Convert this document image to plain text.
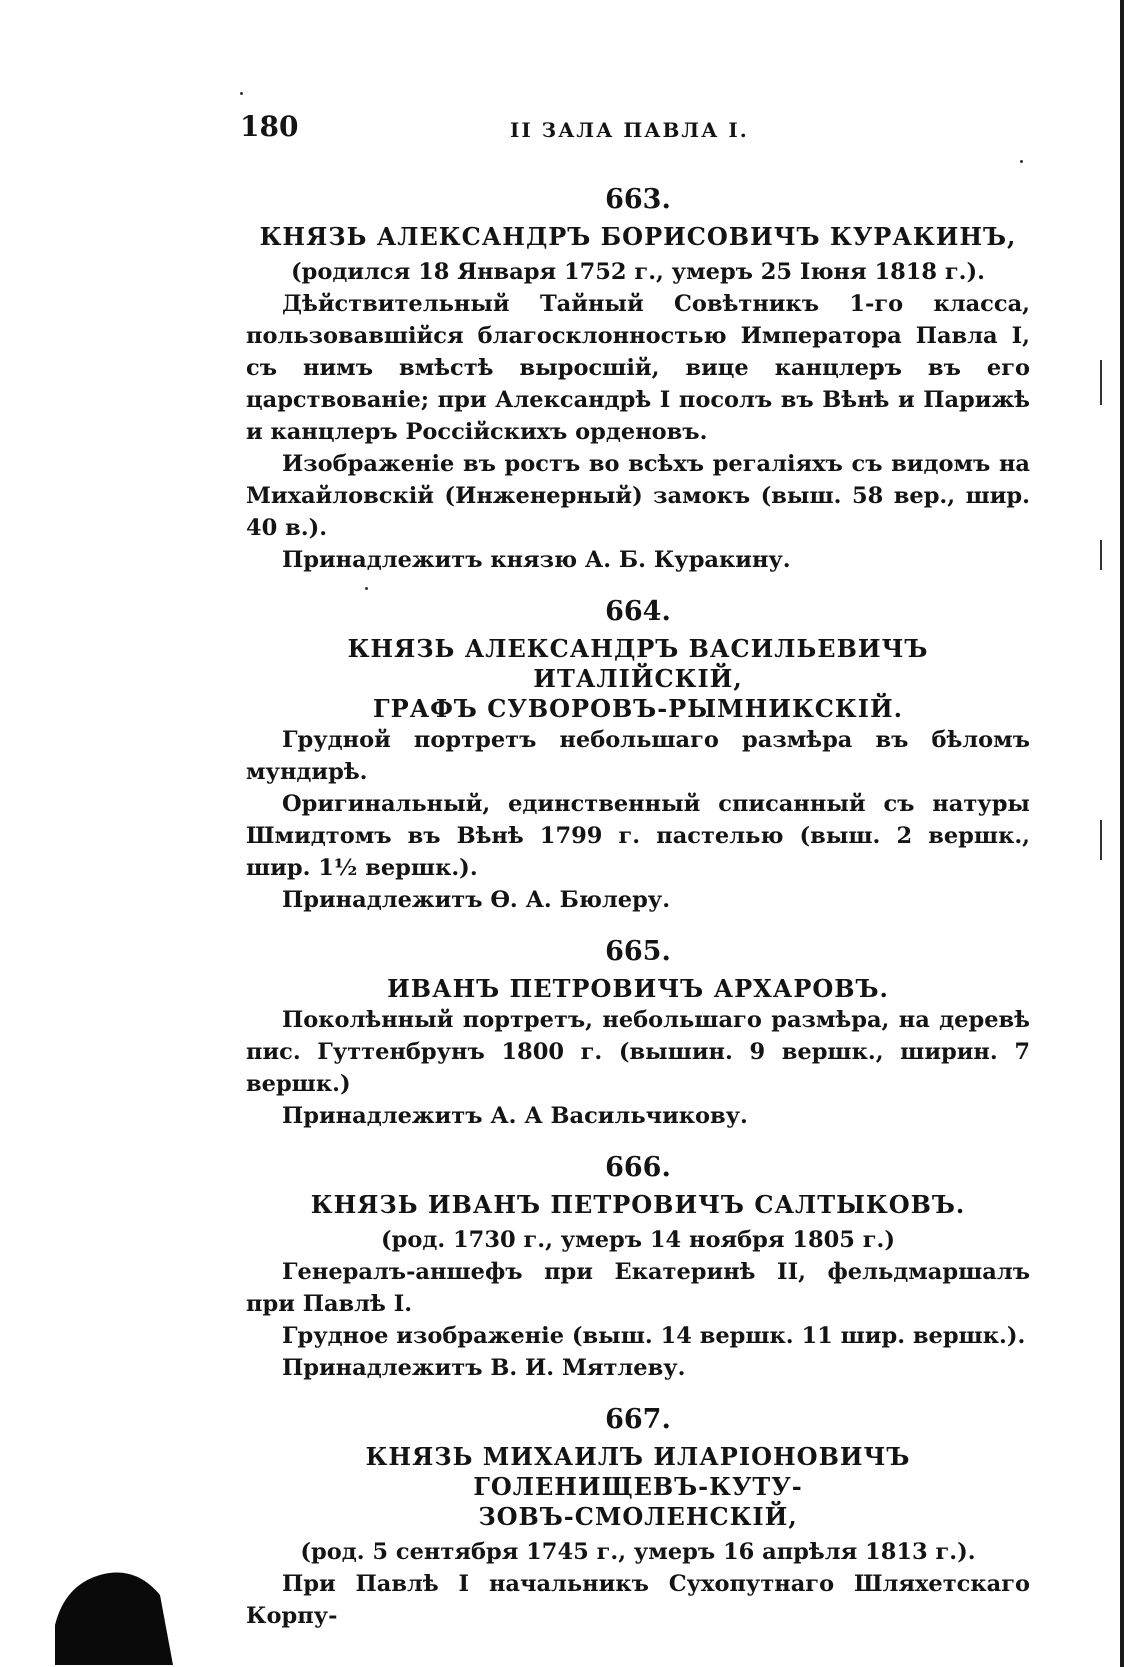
180	II ЗАЛА ПАВЛА I.
663.
КНЯЗЬ АЛЕКСАНДРЪ БОРИСОВИЧЪ КУРАКИНЪ,
(родился 18 Января 1752 г., умеръ 25 Іюня 1818 г.).
Дѣйствительный Тайный Совѣтникъ 1-го класса, пользовавшійся благосклонностью Императора Павла I, съ нимъ вмѣстѣ выросшій, вице канцлеръ въ его царствованіе; при Александрѣ I посолъ въ Вѣнѣ и Парижѣ и канцлеръ Россійскихъ орденовъ.
Изображеніе въ ростъ во всѣхъ регаліяхъ съ видомъ на Михайловскій (Инженерный) замокъ (выш. 58 вер., шир. 40 в.).
Принадлежитъ князю А. Б. Куракину.
664.
КНЯЗЬ АЛЕКСАНДРЪ ВАСИЛЬЕВИЧЪ ИТАЛІЙСКІЙ,
ГРАФЪ СУВОРОВЪ-РЫМНИКСКІЙ.
Грудной портретъ небольшаго размѣра въ бѣломъ мундирѣ.
Оригинальный, единственный списанный съ натуры Шмидтомъ въ Вѣнѣ 1799 г. пастелью (выш. 2 вершк., шир. 1½ вершк.).
Принадлежитъ Ѳ. А. Бюлеру.
665.
ИВАНЪ ПЕТРОВИЧЪ АРХАРОВЪ.
Поколѣнный портретъ, небольшаго размѣра, на деревѣ пис. Гуттенбрунъ 1800 г. (вышин. 9 вершк., ширин. 7 вершк.)
Принадлежитъ А. А Васильчикову.
666.
КНЯЗЬ ИВАНЪ ПЕТРОВИЧЪ САЛТЫКОВЪ.
(род. 1730 г., умеръ 14 ноября 1805 г.)
Генералъ-аншефъ при Екатеринѣ II, фельдмаршалъ при Павлѣ I.
Грудное изображеніе (выш. 14 вершк. 11 шир. вершк.).
Принадлежитъ В. И. Мятлеву.
667.
КНЯЗЬ МИХАИЛЪ ИЛАРІОНОВИЧЪ ГОЛЕНИЩЕВЪ-КУТУ-
ЗОВЪ-СМОЛЕНСКІЙ,
(род. 5 сентября 1745 г., умеръ 16 апрѣля 1813 г.).
При Павлѣ I начальникъ Сухопутнаго Шляхетскаго Корпу-
